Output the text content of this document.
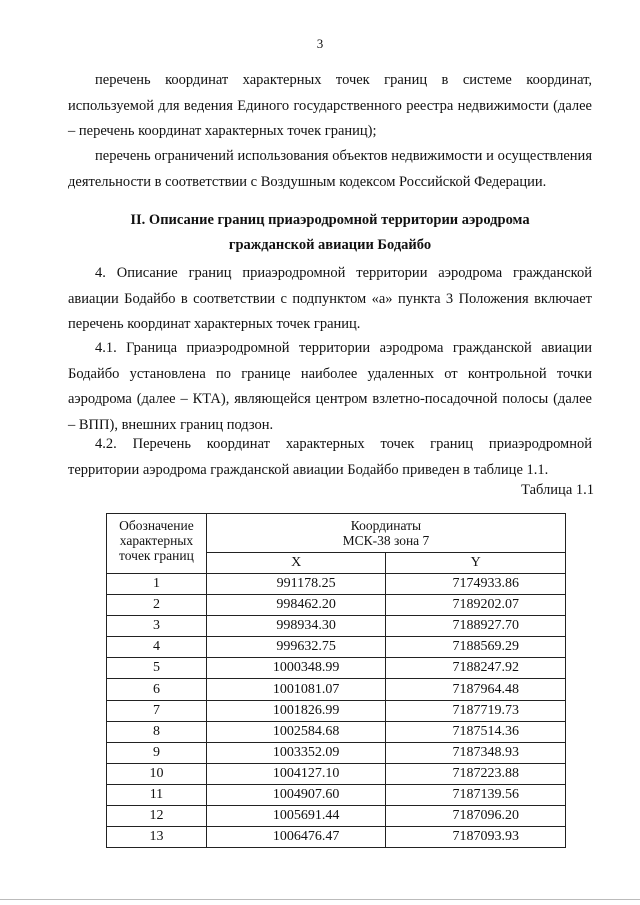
3

перечень координат характерных точек границ в системе координат, используемой для ведения Единого государственного реестра недвижимости (далее – перечень координат характерных точек границ);

перечень ограничений использования объектов недвижимости и осуществления деятельности в соответствии с Воздушным кодексом Российской Федерации.

II. Описание границ приаэродромной территории аэродрома

гражданской авиации Бодайбо

4. Описание границ приаэродромной территории аэродрома гражданской авиации Бодайбо в соответствии с подпунктом «а» пункта 3 Положения включает перечень координат характерных точек границ.

4.1. Граница приаэродромной территории аэродрома гражданской авиации Бодайбо установлена по границе наиболее удаленных от контрольной точки аэродрома (далее – КТА), являющейся центром взлетно-посадочной полосы (далее – ВПП), внешних границ подзон.

4.2. Перечень координат характерных точек границ приаэродромной территории аэродрома гражданской авиации Бодайбо приведен в таблице 1.1.

Таблица 1.1
Обозначение характерных точек границ	Координаты
МСК-38 зона 7	

	X	Y
1	991178.25	7174933.86
2	998462.20	7189202.07
3	998934.30	7188927.70
4	999632.75	7188569.29
5	1000348.99	7188247.92
6	1001081.07	7187964.48
7	1001826.99	7187719.73
8	1002584.68	7187514.36
9	1003352.09	7187348.93
10	1004127.10	7187223.88
11	1004907.60	7187139.56
12	1005691.44	7187096.20
13	1006476.47	7187093.93
